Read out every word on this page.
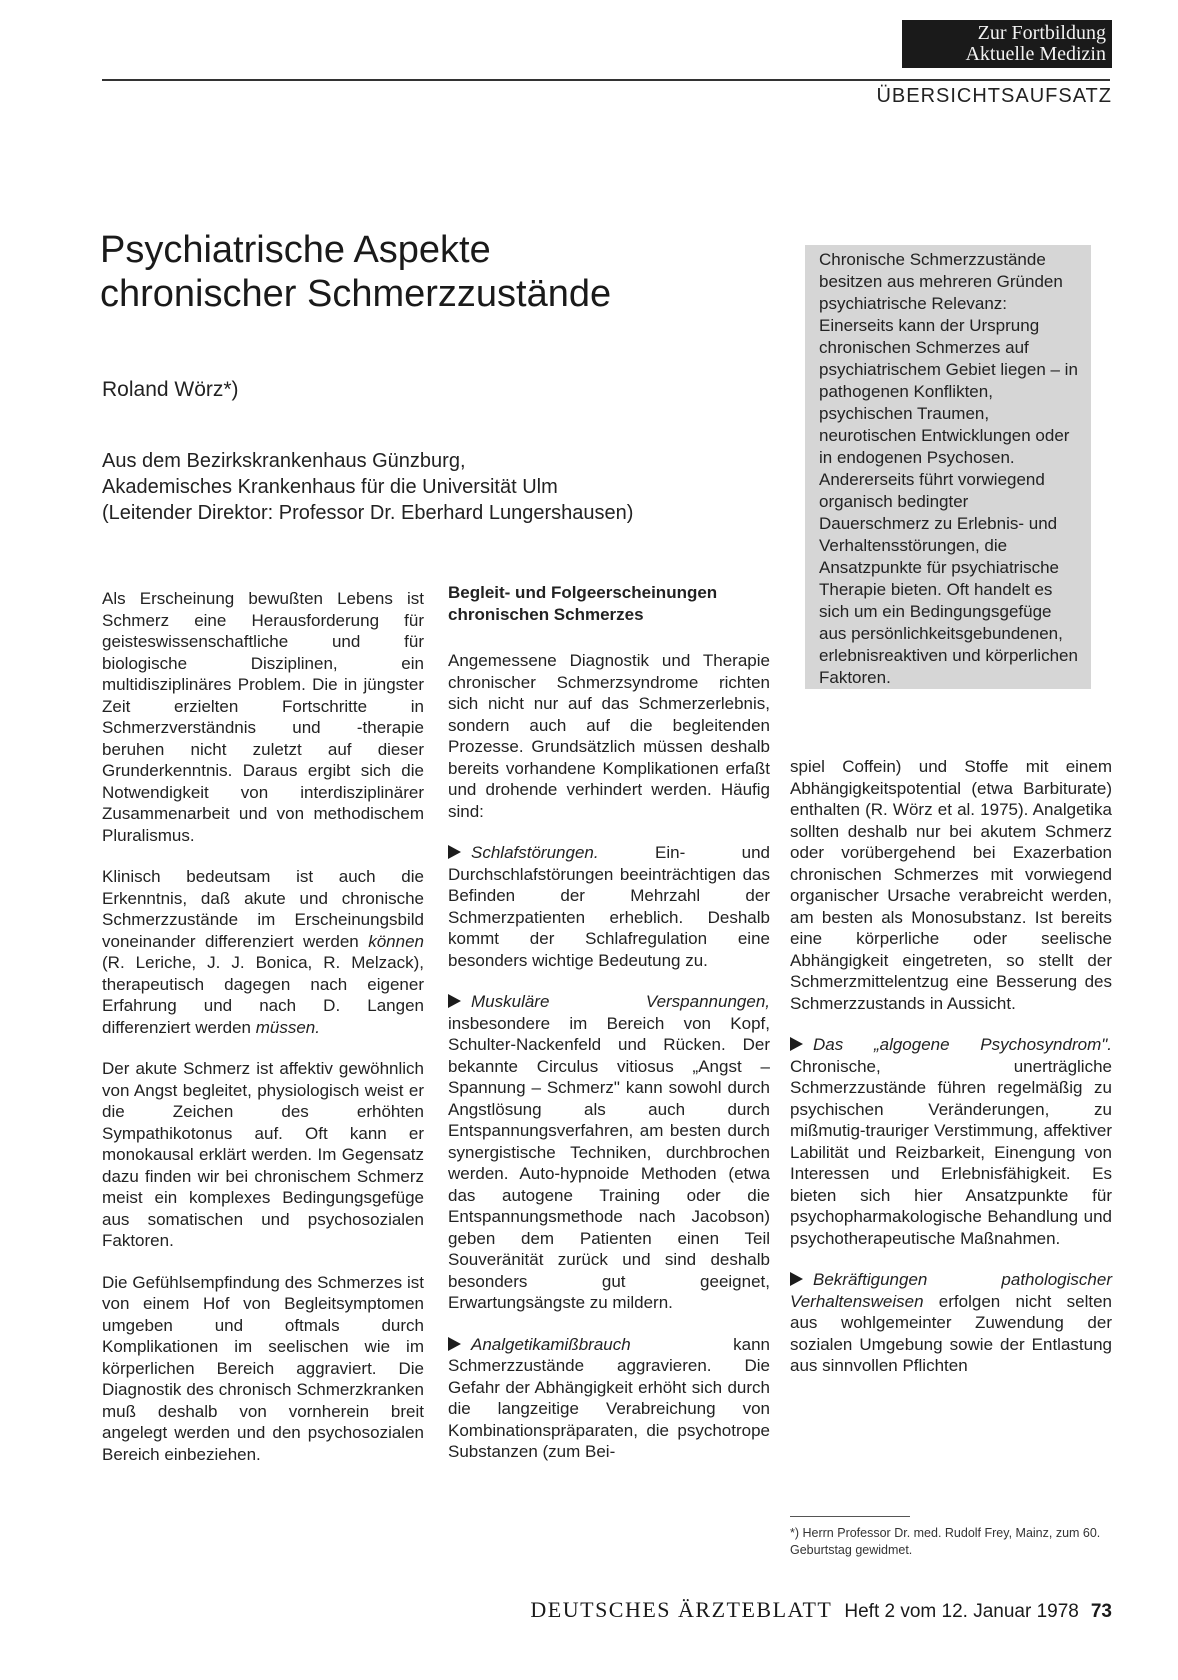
Zur Fortbildung
Aktuelle Medizin
ÜBERSICHTSAUFSATZ
Psychiatrische Aspekte
chronischer Schmerzzustände
Roland Wörz*)
Aus dem Bezirkskrankenhaus Günzburg,
Akademisches Krankenhaus für die Universität Ulm
(Leitender Direktor: Professor Dr. Eberhard Lungershausen)
Chronische Schmerzzustände besitzen aus mehreren Gründen psychiatrische Relevanz: Einerseits kann der Ursprung chronischen Schmerzes auf psychiatrischem Gebiet liegen – in pathogenen Konflikten, psychischen Traumen, neurotischen Entwicklungen oder in endogenen Psychosen. Andererseits führt vorwiegend organisch bedingter Dauerschmerz zu Erlebnis- und Verhaltensstörungen, die Ansatzpunkte für psychiatrische Therapie bieten. Oft handelt es sich um ein Bedingungsgefüge aus persönlichkeitsgebundenen, erlebnisreaktiven und körperlichen Faktoren.

Als Erscheinung bewußten Lebens ist Schmerz eine Herausforderung für geisteswissenschaftliche und für biologische Disziplinen, ein multidisziplinäres Problem. Die in jüngster Zeit erzielten Fortschritte in Schmerzverständnis und -therapie beruhen nicht zuletzt auf dieser Grunderkenntnis. Daraus ergibt sich die Notwendigkeit von interdisziplinärer Zusammenarbeit und von methodischem Pluralismus.

Klinisch bedeutsam ist auch die Erkenntnis, daß akute und chronische Schmerzzustände im Erscheinungsbild voneinander differenziert werden können (R. Leriche, J. J. Bonica, R. Melzack), therapeutisch dagegen nach eigener Erfahrung und nach D. Langen differenziert werden müssen.

Der akute Schmerz ist affektiv gewöhnlich von Angst begleitet, physiologisch weist er die Zeichen des erhöhten Sympathikotonus auf. Oft kann er monokausal erklärt werden. Im Gegensatz dazu finden wir bei chronischem Schmerz meist ein komplexes Bedingungsgefüge aus somatischen und psychosozialen Faktoren.

Die Gefühlsempfindung des Schmerzes ist von einem Hof von Begleitsymptomen umgeben und oftmals durch Komplikationen im seelischen wie im körperlichen Bereich aggraviert. Die Diagnostik des chronisch Schmerzkranken muß deshalb von vornherein breit angelegt werden und den psychosozialen Bereich einbeziehen.

Begleit- und Folgeerscheinungen chronischen Schmerzes

Angemessene Diagnostik und Therapie chronischer Schmerzsyndrome richten sich nicht nur auf das Schmerzerlebnis, sondern auch auf die begleitenden Prozesse. Grundsätzlich müssen deshalb bereits vorhandene Komplikationen erfaßt und drohende verhindert werden. Häufig sind:

Schlafstörungen. Ein- und Durchschlafstörungen beeinträchtigen das Befinden der Mehrzahl der Schmerzpatienten erheblich. Deshalb kommt der Schlafregulation eine besonders wichtige Bedeutung zu.

Muskuläre Verspannungen, insbesondere im Bereich von Kopf, Schulter-Nackenfeld und Rücken. Der bekannte Circulus vitiosus „Angst – Spannung – Schmerz" kann sowohl durch Angstlösung als auch durch Entspannungsverfahren, am besten durch synergistische Techniken, durchbrochen werden. Auto-hypnoide Methoden (etwa das autogene Training oder die Entspannungsmethode nach Jacobson) geben dem Patienten einen Teil Souveränität zurück und sind deshalb besonders gut geeignet, Erwartungsängste zu mildern.

Analgetikamißbrauch kann Schmerzzustände aggravieren. Die Gefahr der Abhängigkeit erhöht sich durch die langzeitige Verabreichung von Kombinationspräparaten, die psychotrope Substanzen (zum Bei-

spiel Coffein) und Stoffe mit einem Abhängigkeitspotential (etwa Barbiturate) enthalten (R. Wörz et al. 1975). Analgetika sollten deshalb nur bei akutem Schmerz oder vorübergehend bei Exazerbation chronischen Schmerzes mit vorwiegend organischer Ursache verabreicht werden, am besten als Monosubstanz. Ist bereits eine körperliche oder seelische Abhängigkeit eingetreten, so stellt der Schmerzmittelentzug eine Besserung des Schmerzzustands in Aussicht.

Das „algogene Psychosyndrom". Chronische, unerträgliche Schmerzzustände führen regelmäßig zu psychischen Veränderungen, zu mißmutig-trauriger Verstimmung, affektiver Labilität und Reizbarkeit, Einengung von Interessen und Erlebnisfähigkeit. Es bieten sich hier Ansatzpunkte für psychopharmakologische Behandlung und psychotherapeutische Maßnahmen.

Bekräftigungen pathologischer Verhaltensweisen erfolgen nicht selten aus wohlgemeinter Zuwendung der sozialen Umgebung sowie der Entlastung aus sinnvollen Pflichten

*) Herrn Professor Dr. med. Rudolf Frey, Mainz, zum 60. Geburtstag gewidmet.
DEUTSCHES ÄRZTEBLATT Heft 2 vom 12. Januar 1978 73
